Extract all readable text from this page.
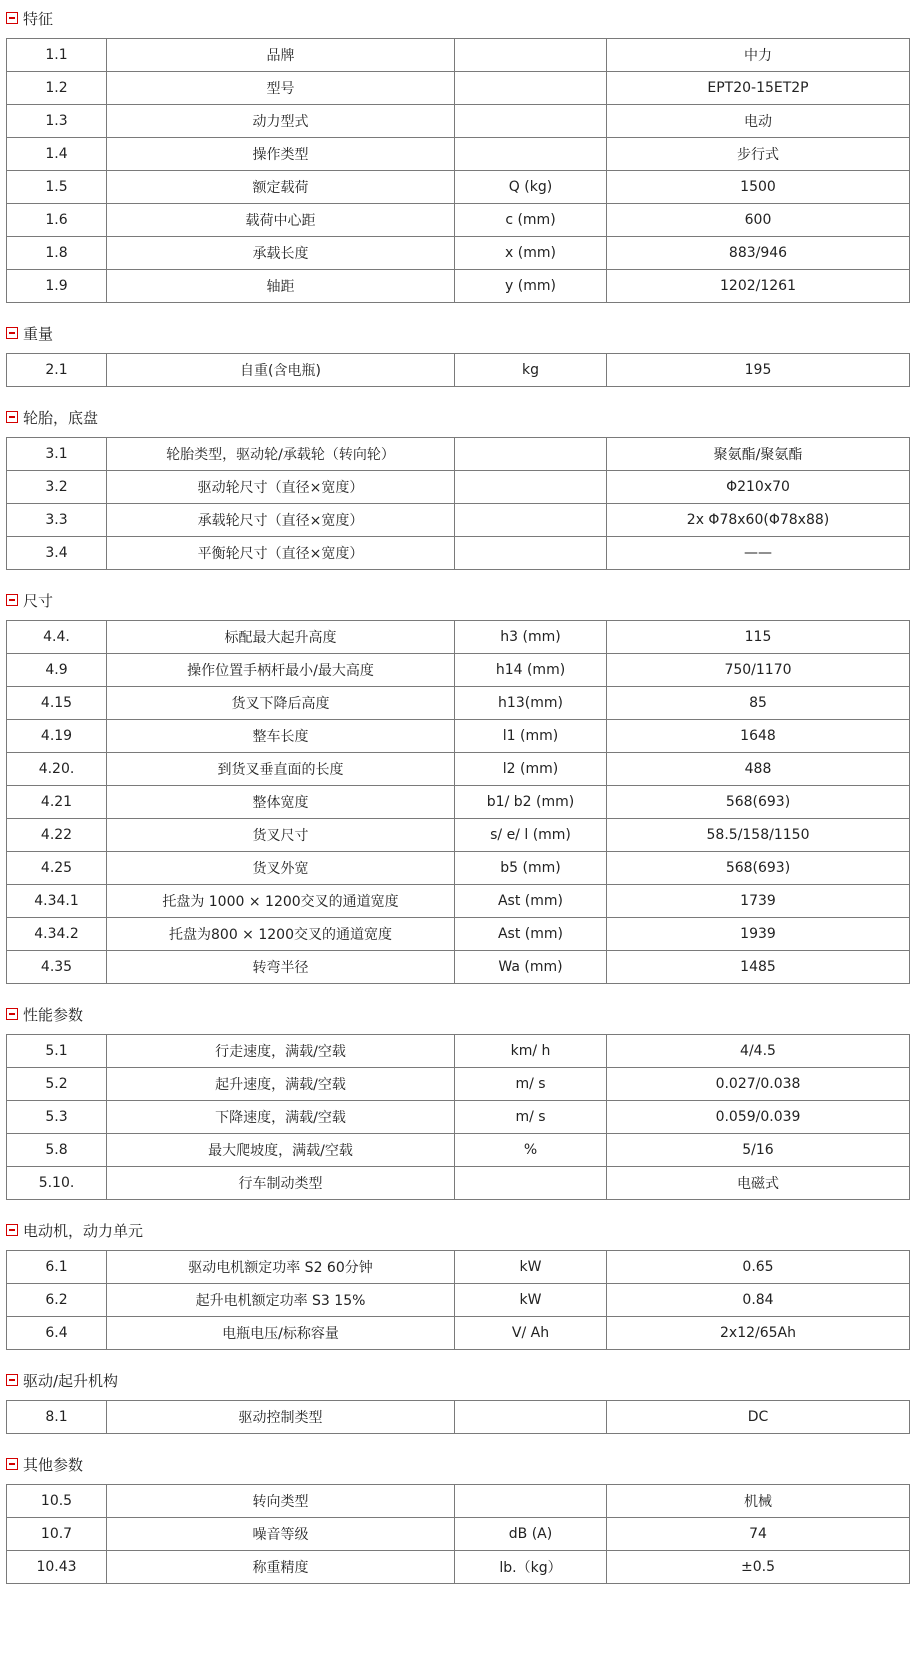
特征
1.1	品牌		中力
1.2	型号		EPT20-15ET2P
1.3	动力型式		电动
1.4	操作类型		步行式
1.5	额定载荷	Q (kg)	1500
1.6	载荷中心距	c (mm)	600
1.8	承载长度	x (mm)	883/946
1.9	轴距	y (mm)	1202/1261
重量
2.1	自重(含电瓶)	kg	195
轮胎，底盘
3.1	轮胎类型，驱动轮/承载轮（转向轮）		聚氨酯/聚氨酯
3.2	驱动轮尺寸（直径×宽度）		Φ210x70
3.3	承载轮尺寸（直径×宽度）		2x Φ78x60(Φ78x88)
3.4	平衡轮尺寸（直径×宽度）		——
尺寸
4.4.	标配最大起升高度	h3 (mm)	115
4.9	操作位置手柄杆最小/最大高度	h14 (mm)	750/1170
4.15	货叉下降后高度	h13(mm)	85
4.19	整车长度	l1 (mm)	1648
4.20.	到货叉垂直面的长度	l2 (mm)	488
4.21	整体宽度	b1/ b2 (mm)	568(693)
4.22	货叉尺寸	s/ e/ l (mm)	58.5/158/1150
4.25	货叉外宽	b5 (mm)	568(693)
4.34.1	托盘为 1000 × 1200交叉的通道宽度	Ast (mm)	1739
4.34.2	托盘为800 × 1200交叉的通道宽度	Ast (mm)	1939
4.35	转弯半径	Wa (mm)	1485
性能参数
5.1	行走速度，满载/空载	km/ h	4/4.5
5.2	起升速度，满载/空载	m/ s	0.027/0.038
5.3	下降速度，满载/空载	m/ s	0.059/0.039
5.8	最大爬坡度，满载/空载	%	5/16
5.10.	行车制动类型		电磁式
电动机，动力单元
6.1	驱动电机额定功率 S2 60分钟	kW	0.65
6.2	起升电机额定功率 S3 15%	kW	0.84
6.4	电瓶电压/标称容量	V/ Ah	2x12/65Ah
驱动/起升机构
8.1	驱动控制类型		DC
其他参数
10.5	转向类型		机械
10.7	噪音等级	dB (A)	74
10.43	称重精度	lb.（kg）	±0.5
